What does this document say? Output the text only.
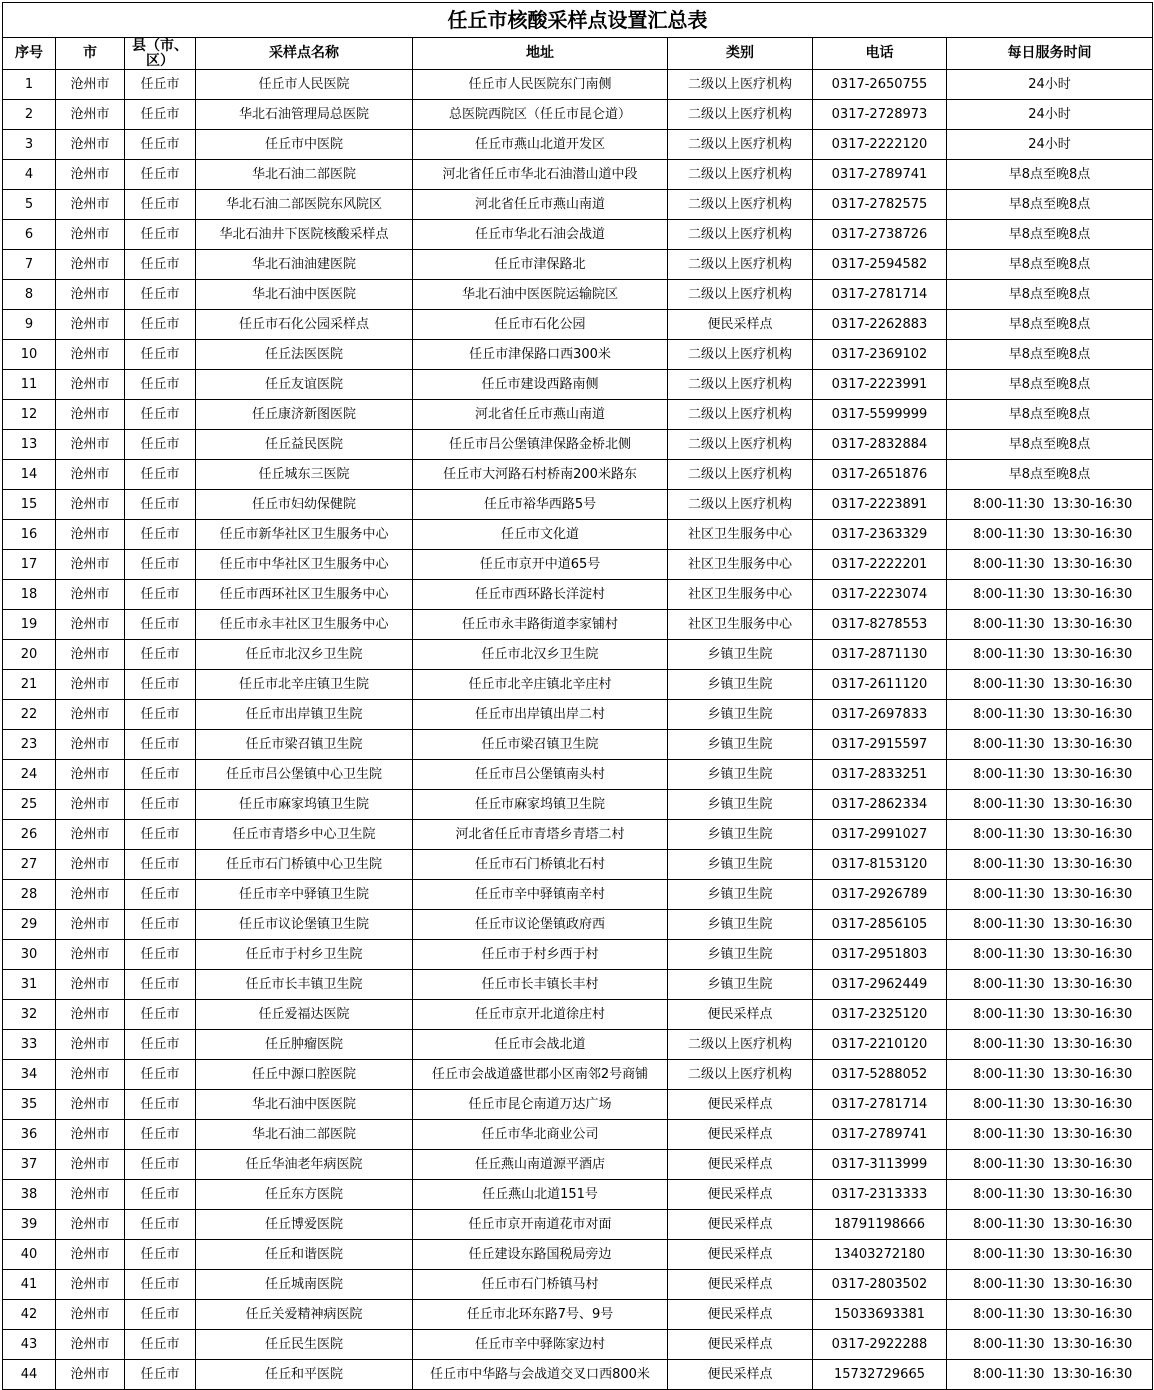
任丘市核酸采样点设置汇总表							
序号	市	县（市、区）	采样点名称	地址	类别	电话	每日服务时间
1	沧州市	任丘市	任丘市人民医院	任丘市人民医院东门南侧	二级以上医疗机构	0317-2650755	24小时
2	沧州市	任丘市	华北石油管理局总医院	总医院西院区（任丘市昆仑道）	二级以上医疗机构	0317-2728973	24小时
3	沧州市	任丘市	任丘市中医院	任丘市燕山北道开发区	二级以上医疗机构	0317-2222120	24小时
4	沧州市	任丘市	华北石油二部医院	河北省任丘市华北石油潜山道中段	二级以上医疗机构	0317-2789741	早8点至晚8点
5	沧州市	任丘市	华北石油二部医院东风院区	河北省任丘市燕山南道	二级以上医疗机构	0317-2782575	早8点至晚8点
6	沧州市	任丘市	华北石油井下医院核酸采样点	任丘市华北石油会战道	二级以上医疗机构	0317-2738726	早8点至晚8点
7	沧州市	任丘市	华北石油油建医院	任丘市津保路北	二级以上医疗机构	0317-2594582	早8点至晚8点
8	沧州市	任丘市	华北石油中医医院	华北石油中医医院运输院区	二级以上医疗机构	0317-2781714	早8点至晚8点
9	沧州市	任丘市	任丘市石化公园采样点	任丘市石化公园	便民采样点	0317-2262883	早8点至晚8点
10	沧州市	任丘市	任丘法医医院	任丘市津保路口西300米	二级以上医疗机构	0317-2369102	早8点至晚8点
11	沧州市	任丘市	任丘友谊医院	任丘市建设西路南侧	二级以上医疗机构	0317-2223991	早8点至晚8点
12	沧州市	任丘市	任丘康济新图医院	河北省任丘市燕山南道	二级以上医疗机构	0317-5599999	早8点至晚8点
13	沧州市	任丘市	任丘益民医院	任丘市吕公堡镇津保路金桥北侧	二级以上医疗机构	0317-2832884	早8点至晚8点
14	沧州市	任丘市	任丘城东三医院	任丘市大河路石村桥南200米路东	二级以上医疗机构	0317-2651876	早8点至晚8点
15	沧州市	任丘市	任丘市妇幼保健院	任丘市裕华西路5号	二级以上医疗机构	0317-2223891	8:00-11:30  13:30-16:30
16	沧州市	任丘市	任丘市新华社区卫生服务中心	任丘市文化道	社区卫生服务中心	0317-2363329	8:00-11:30  13:30-16:30
17	沧州市	任丘市	任丘市中华社区卫生服务中心	任丘市京开中道65号	社区卫生服务中心	0317-2222201	8:00-11:30  13:30-16:30
18	沧州市	任丘市	任丘市西环社区卫生服务中心	任丘市西环路长洋淀村	社区卫生服务中心	0317-2223074	8:00-11:30  13:30-16:30
19	沧州市	任丘市	任丘市永丰社区卫生服务中心	任丘市永丰路街道李家铺村	社区卫生服务中心	0317-8278553	8:00-11:30  13:30-16:30
20	沧州市	任丘市	任丘市北汉乡卫生院	任丘市北汉乡卫生院	乡镇卫生院	0317-2871130	8:00-11:30  13:30-16:30
21	沧州市	任丘市	任丘市北辛庄镇卫生院	任丘市北辛庄镇北辛庄村	乡镇卫生院	0317-2611120	8:00-11:30  13:30-16:30
22	沧州市	任丘市	任丘市出岸镇卫生院	任丘市出岸镇出岸二村	乡镇卫生院	0317-2697833	8:00-11:30  13:30-16:30
23	沧州市	任丘市	任丘市梁召镇卫生院	任丘市梁召镇卫生院	乡镇卫生院	0317-2915597	8:00-11:30  13:30-16:30
24	沧州市	任丘市	任丘市吕公堡镇中心卫生院	任丘市吕公堡镇南头村	乡镇卫生院	0317-2833251	8:00-11:30  13:30-16:30
25	沧州市	任丘市	任丘市麻家坞镇卫生院	任丘市麻家坞镇卫生院	乡镇卫生院	0317-2862334	8:00-11:30  13:30-16:30
26	沧州市	任丘市	任丘市青塔乡中心卫生院	河北省任丘市青塔乡青塔二村	乡镇卫生院	0317-2991027	8:00-11:30  13:30-16:30
27	沧州市	任丘市	任丘市石门桥镇中心卫生院	任丘市石门桥镇北石村	乡镇卫生院	0317-8153120	8:00-11:30  13:30-16:30
28	沧州市	任丘市	任丘市辛中驿镇卫生院	任丘市辛中驿镇南辛村	乡镇卫生院	0317-2926789	8:00-11:30  13:30-16:30
29	沧州市	任丘市	任丘市议论堡镇卫生院	任丘市议论堡镇政府西	乡镇卫生院	0317-2856105	8:00-11:30  13:30-16:30
30	沧州市	任丘市	任丘市于村乡卫生院	任丘市于村乡西于村	乡镇卫生院	0317-2951803	8:00-11:30  13:30-16:30
31	沧州市	任丘市	任丘市长丰镇卫生院	任丘市长丰镇长丰村	乡镇卫生院	0317-2962449	8:00-11:30  13:30-16:30
32	沧州市	任丘市	任丘爱福达医院	任丘市京开北道徐庄村	便民采样点	0317-2325120	8:00-11:30  13:30-16:30
33	沧州市	任丘市	任丘肿瘤医院	任丘市会战北道	二级以上医疗机构	0317-2210120	8:00-11:30  13:30-16:30
34	沧州市	任丘市	任丘中源口腔医院	任丘市会战道盛世郡小区南邻2号商铺	二级以上医疗机构	0317-5288052	8:00-11:30  13:30-16:30
35	沧州市	任丘市	华北石油中医医院	任丘市昆仑南道万达广场	便民采样点	0317-2781714	8:00-11:30  13:30-16:30
36	沧州市	任丘市	华北石油二部医院	任丘市华北商业公司	便民采样点	0317-2789741	8:00-11:30  13:30-16:30
37	沧州市	任丘市	任丘华油老年病医院	任丘燕山南道源平酒店	便民采样点	0317-3113999	8:00-11:30  13:30-16:30
38	沧州市	任丘市	任丘东方医院	任丘燕山北道151号	便民采样点	0317-2313333	8:00-11:30  13:30-16:30
39	沧州市	任丘市	任丘博爱医院	任丘市京开南道花市对面	便民采样点	18791198666	8:00-11:30  13:30-16:30
40	沧州市	任丘市	任丘和谐医院	任丘建设东路国税局旁边	便民采样点	13403272180	8:00-11:30  13:30-16:30
41	沧州市	任丘市	任丘城南医院	任丘市石门桥镇马村	便民采样点	0317-2803502	8:00-11:30  13:30-16:30
42	沧州市	任丘市	任丘关爱精神病医院	任丘市北环东路7号、9号	便民采样点	15033693381	8:00-11:30  13:30-16:30
43	沧州市	任丘市	任丘民生医院	任丘市辛中驿陈家边村	便民采样点	0317-2922288	8:00-11:30  13:30-16:30
44	沧州市	任丘市	任丘和平医院	任丘市中华路与会战道交叉口西800米	便民采样点	15732729665	8:00-11:30  13:30-16:30
